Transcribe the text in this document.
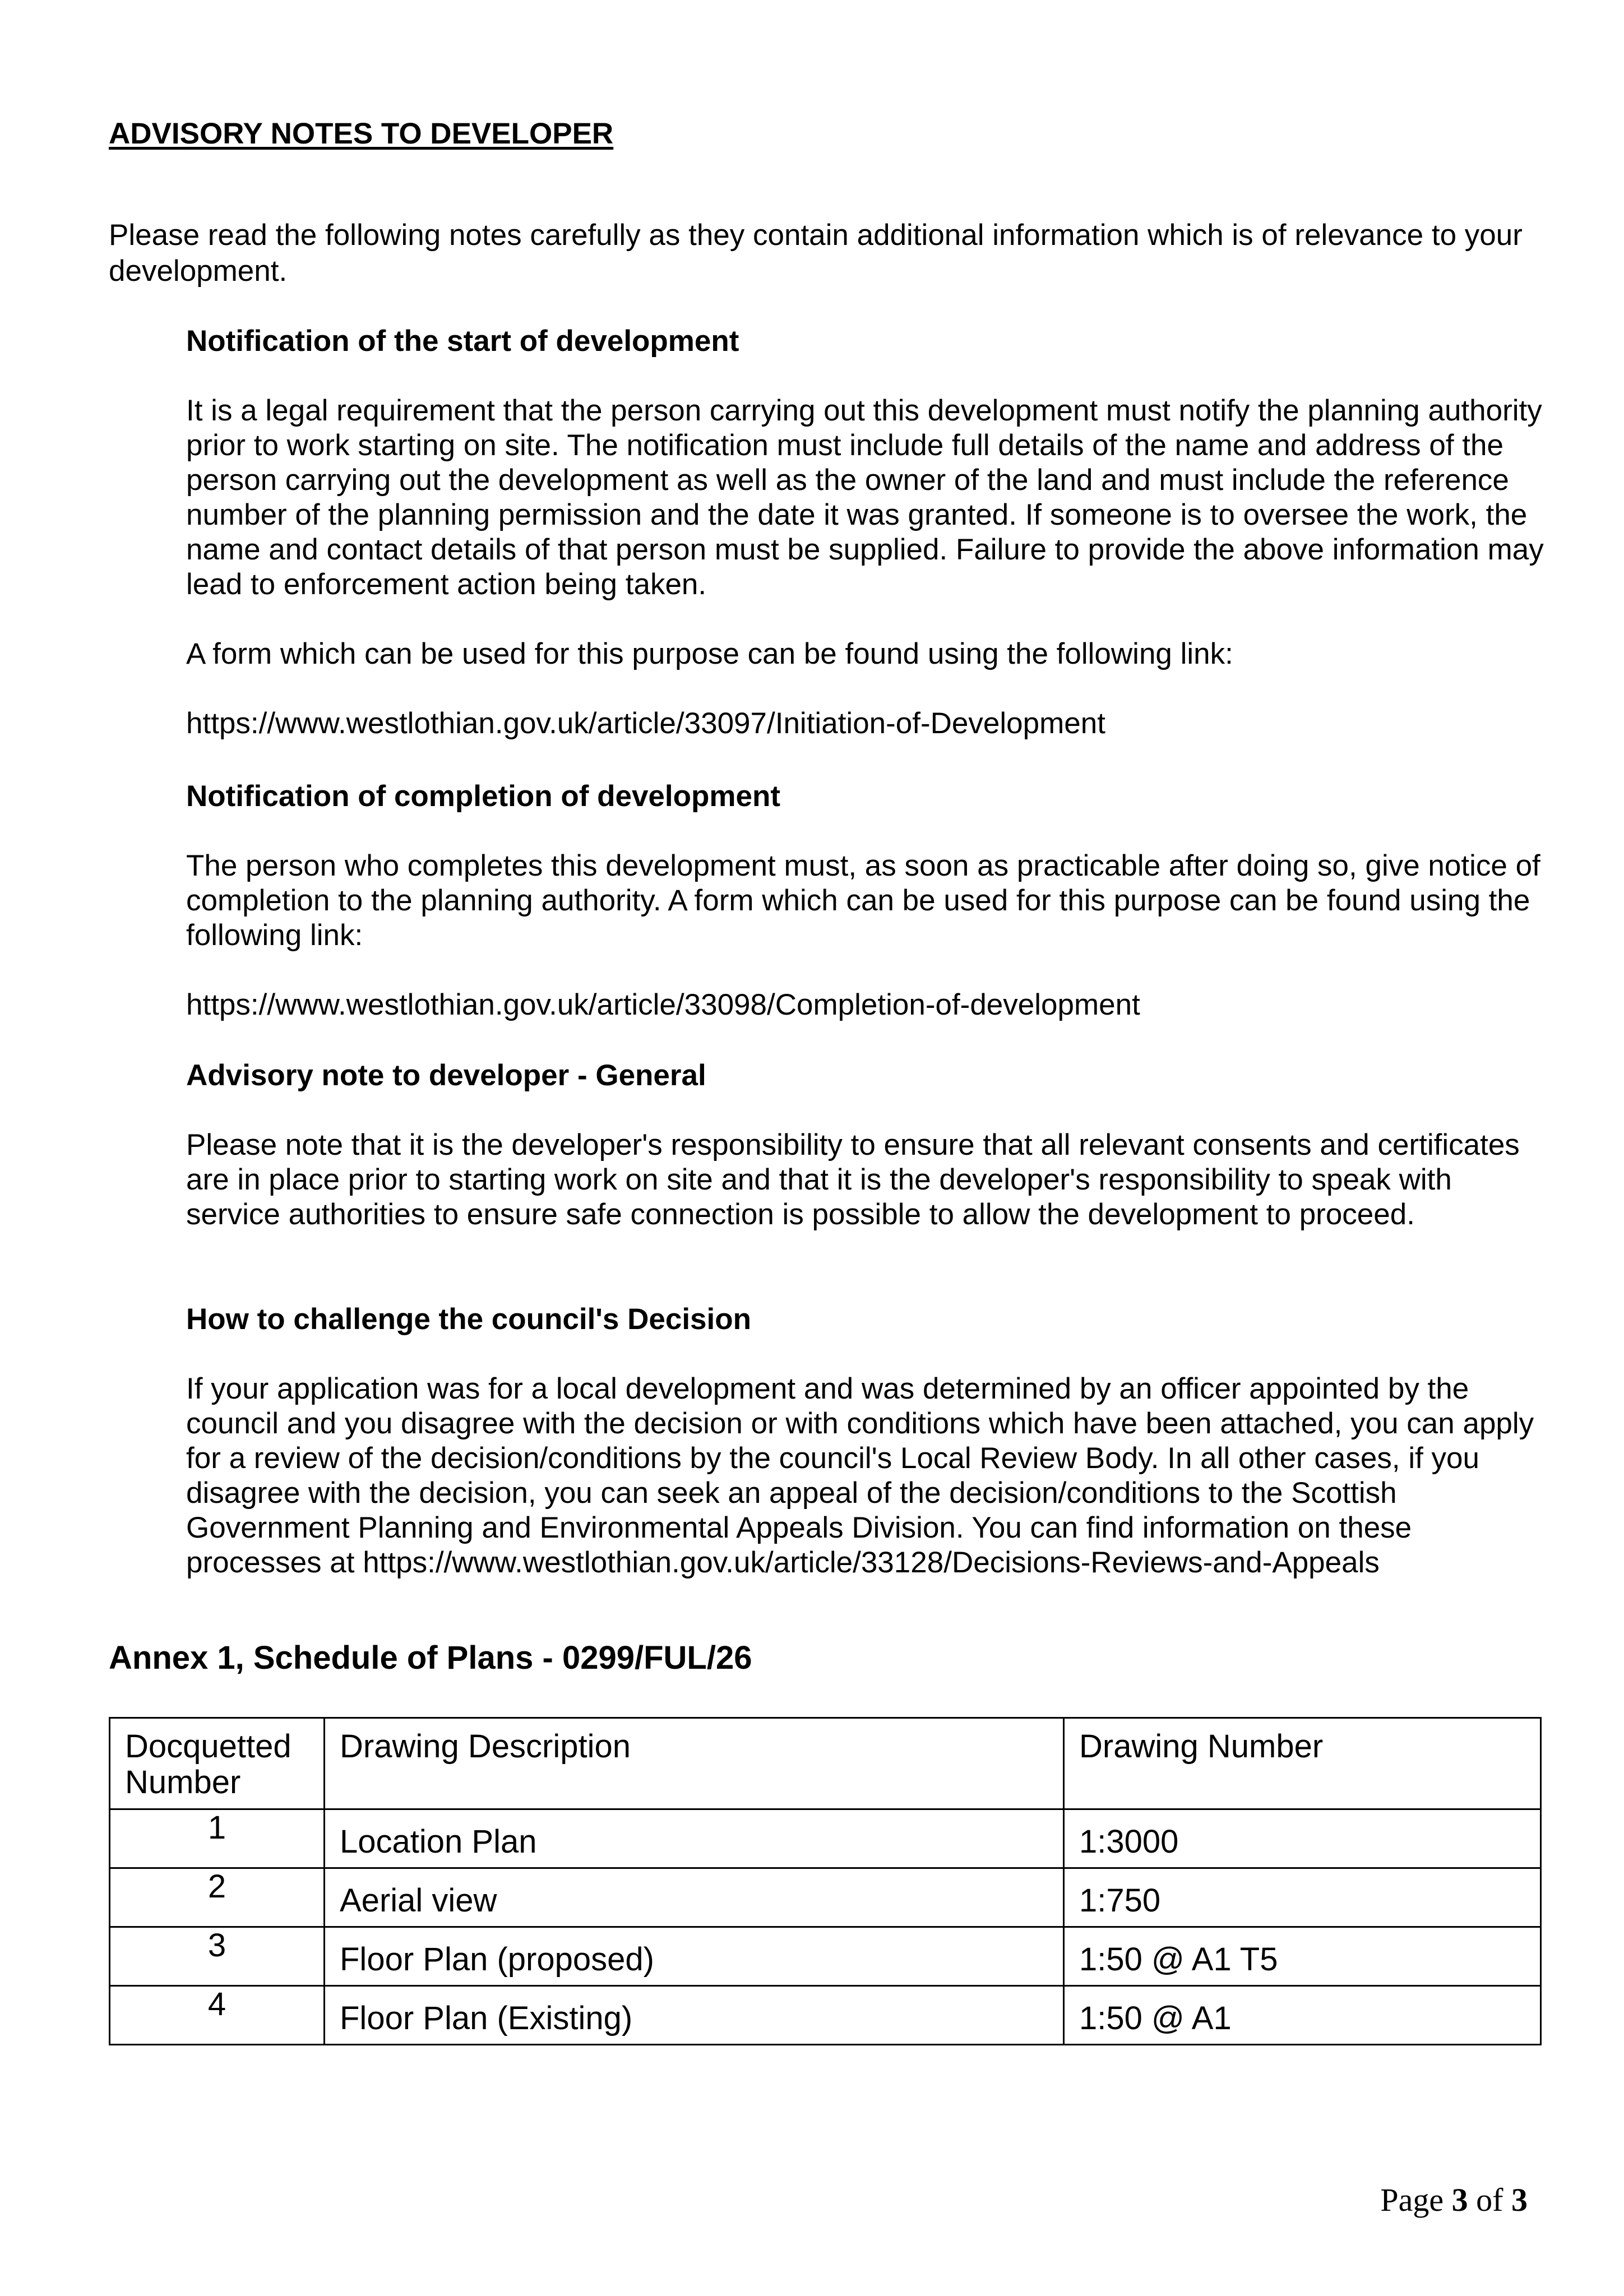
ADVISORY NOTES TO DEVELOPER
Please read the following notes carefully as they contain additional information which is of relevance to your development.

Notification of the start of development

It is a legal requirement that the person carrying out this development must notify the planning authority prior to work starting on site. The notification must include full details of the name and address of the person carrying out the development as well as the owner of the land and must include the reference number of the planning permission and the date it was granted. If someone is to oversee the work, the name and contact details of that person must be supplied. Failure to provide the above information may lead to enforcement action being taken.

A form which can be used for this purpose can be found using the following link:

https://www.westlothian.gov.uk/article/33097/Initiation-of-Development

Notification of completion of development

The person who completes this development must, as soon as practicable after doing so, give notice of completion to the planning authority. A form which can be used for this purpose can be found using the following link:

https://www.westlothian.gov.uk/article/33098/Completion-of-development

Advisory note to developer - General

Please note that it is the developer's responsibility to ensure that all relevant consents and certificates are in place prior to starting work on site and that it is the developer's responsibility to speak with service authorities to ensure safe connection is possible to allow the development to proceed.

How to challenge the council's Decision

If your application was for a local development and was determined by an officer appointed by the council and you disagree with the decision or with conditions which have been attached, you can apply for a review of the decision/conditions by the council's Local Review Body. In all other cases, if you disagree with the decision, you can seek an appeal of the decision/conditions to the Scottish Government Planning and Environmental Appeals Division. You can find information on these processes at https://www.westlothian.gov.uk/article/33128/Decisions-Reviews-and-Appeals

Annex 1, Schedule of Plans - 0299/FUL/26
Docquetted Number	Drawing Description	Drawing Number
1	Location Plan	1:3000
2	Aerial view	1:750
3	Floor Plan (proposed)	1:50 @ A1 T5
4	Floor Plan (Existing)	1:50 @ A1
Page 3 of 3
